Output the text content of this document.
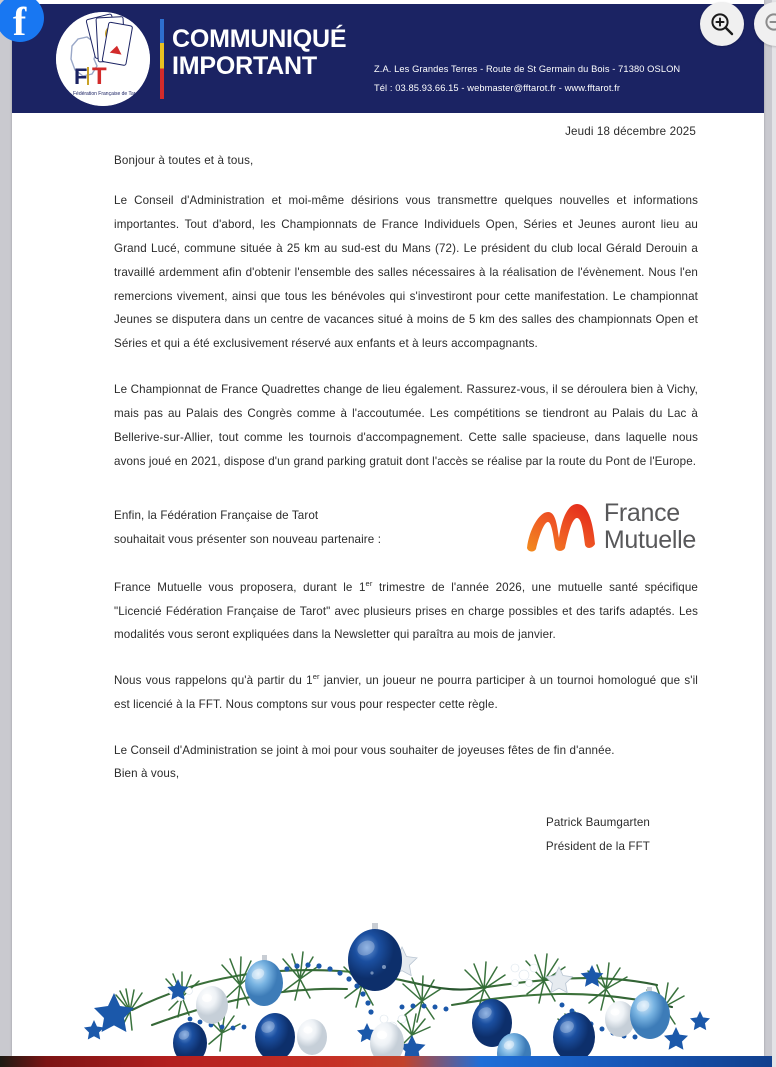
F T
Fédération Française de Tarot
COMMUNIQUÉ
IMPORTANT	Z.A. Les Grandes Terres - Route de St Germain du Bois - 71380 OSLON
Tél : 03.85.93.66.15 - webmaster@fftarot.fr - www.fftarot.fr
Jeudi 18 décembre 2025
Bonjour à toutes et à tous,

Le Conseil d'Administration et moi-même désirions vous transmettre quelques nouvelles et informations importantes. Tout d'abord, les Championnats de France Individuels Open, Séries et Jeunes auront lieu au Grand Lucé, commune située à 25 km au sud-est du Mans (72). Le président du club local Gérald Derouin a travaillé ardemment afin d'obtenir l'ensemble des salles nécessaires à la réalisation de l'évènement. Nous l'en remercions vivement, ainsi que tous les bénévoles qui s'investiront pour cette manifestation. Le championnat Jeunes se disputera dans un centre de vacances situé à moins de 5 km des salles des championnats Open et Séries et qui a été exclusivement réservé aux enfants et à leurs accompagnants.

Le Championnat de France Quadrettes change de lieu également. Rassurez-vous, il se déroulera bien à Vichy, mais pas au Palais des Congrès comme à l'accoutumée. Les compétitions se tiendront au Palais du Lac à Bellerive-sur-Allier, tout comme les tournois d'accompagnement. Cette salle spacieuse, dans laquelle nous avons joué en 2021, dispose d'un grand parking gratuit dont l'accès se réalise par la route du Pont de l'Europe.

Enfin, la Fédération Française de Tarot
souhaitait vous présenter son nouveau partenaire :
France
Mutuelle

France Mutuelle vous proposera, durant le 1er trimestre de l'année 2026, une mutuelle santé spécifique "Licencié Fédération Française de Tarot" avec plusieurs prises en charge possibles et des tarifs adaptés. Les modalités vous seront expliquées dans la Newsletter qui paraîtra au mois de janvier.

Nous vous rappelons qu'à partir du 1er janvier, un joueur ne pourra participer à un tournoi homologué que s'il est licencié à la FFT. Nous comptons sur vous pour respecter cette règle.

Le Conseil d'Administration se joint à moi pour vous souhaiter de joyeuses fêtes de fin d'année.
Bien à vous,

Patrick Baumgarten
Président de la FFT
f
